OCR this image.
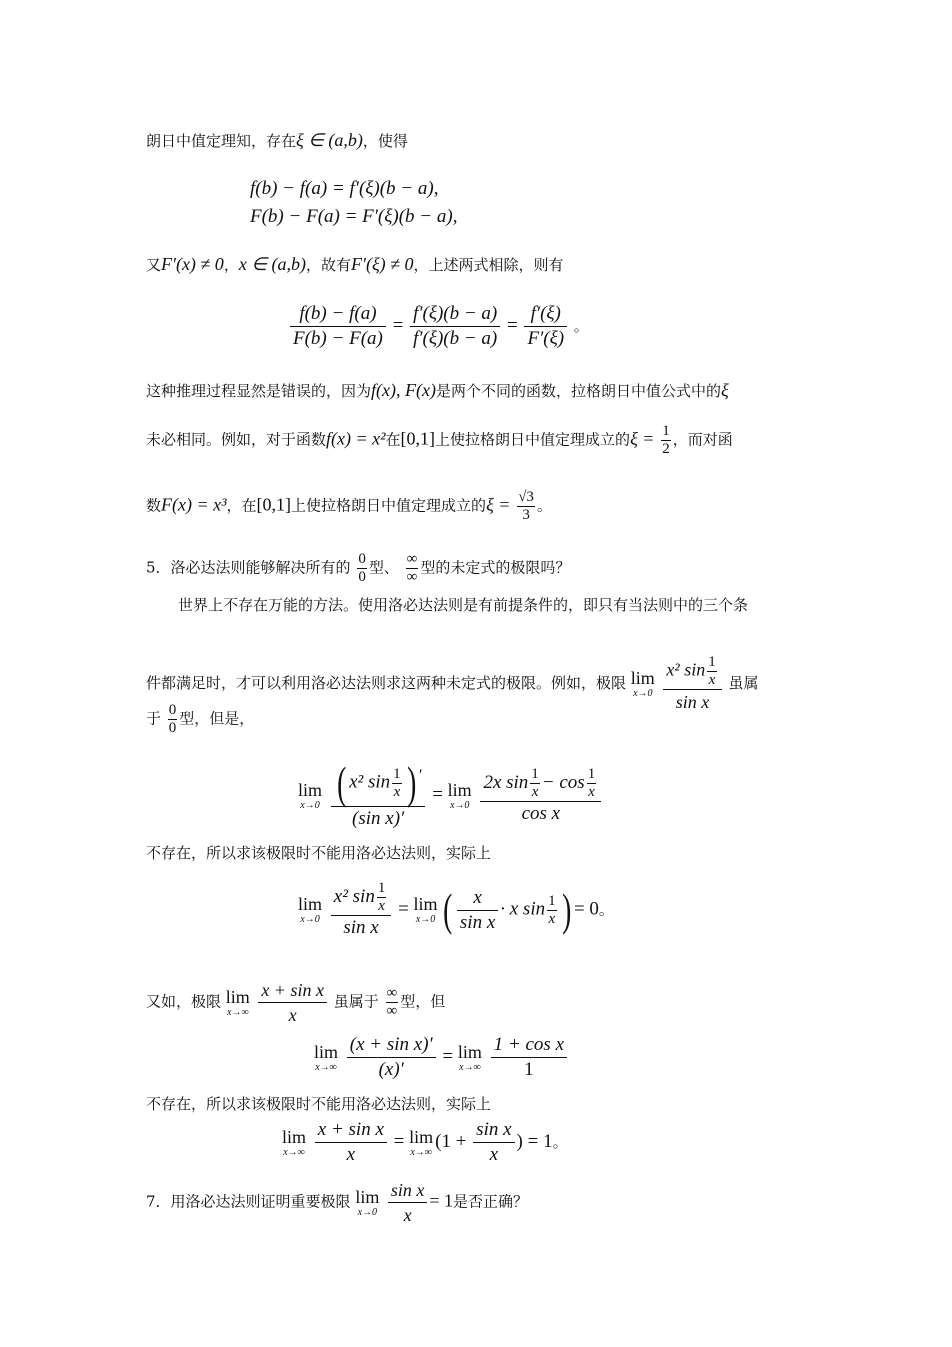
朗日中值定理知，存在ξ ∈ (a,b)，使得
f(b) − f(a) = f′(ξ)(b − a),
F(b) − F(a) = F′(ξ)(b − a),
又F′(x) ≠ 0，x ∈ (a,b)，故有F′(ξ) ≠ 0，上述两式相除，则有
$\frac{f(b) - f(a)}{F(b) - F(a)} = \frac{f'(\xi)(b - a)}{f'(\xi)(b - a)} = \frac{f'(\xi)}{F'(\xi)}$ 。
这种推理过程显然是错误的，因为f(x), F(x)是两个不同的函数，拉格朗日中值公式中的ξ
未必相同。例如，对于函数f(x) = x²在[0,1]上使拉格朗日中值定理成立的$\xi = \frac{1}{2}$ ，而对函
数F(x) = x³，在[0,1]上使拉格朗日中值定理成立的$\xi = \frac{√3}{3}$ 。
5．洛必达法则能够解决所有的 $\frac{0}{0}$ 型、 $\frac{\infty}{\infty}$ 型的未定式的极限吗？
世界上不存在万能的方法。使用洛必达法则是有前提条件的，即只有当法则中的三个条
件都满足时，才可以利用洛必达法则求这两种未定式的极限。例如，极限 lim
x→0
$\frac{x^2 \sin \frac{1}{x}}{\text{sin x}}$ 虽属
于 $\frac{0}{0}$ 型，但是，
lim
x→0
$\frac{( x^2 \sin \frac{1}{x} ) '}{\text{(sin x)′}} = \lim$
x→0
$\frac{2x \sin \frac{1}{x} - \cos \frac{1}{x}}{\text{cos x}}$
不存在，所以求该极限时不能用洛必达法则，实际上
lim
x→0
$\frac{x^2 \sin \frac{1}{x}}{\text{sin x}} = \lim$
x→0 ( $\frac{x}{\text{sin x}} \cdot x$ $\sin \frac{1}{x}$ ) = 0。
又如，极限 lim
x→∞
$\frac{\text{x + sin x}}{x}$ 虽属于 $\frac{\infty}{\infty}$ 型，但
lim
x→∞
$\frac{\text{(x + sin x)′}}{(x)'} = \lim$
x→∞
$\frac{\text{1 + cos x}}{1}$
不存在，所以求该极限时不能用洛必达法则，实际上
lim
x→∞
$\frac{\text{x + sin x}}{x} = \lim$
x→∞
($1 + \frac{\text{sin x}}{x}$ ) = 1。
7．用洛必达法则证明重要极限 lim
x→0
$\frac{\text{sin x}}{x} = 1$是否正确？
